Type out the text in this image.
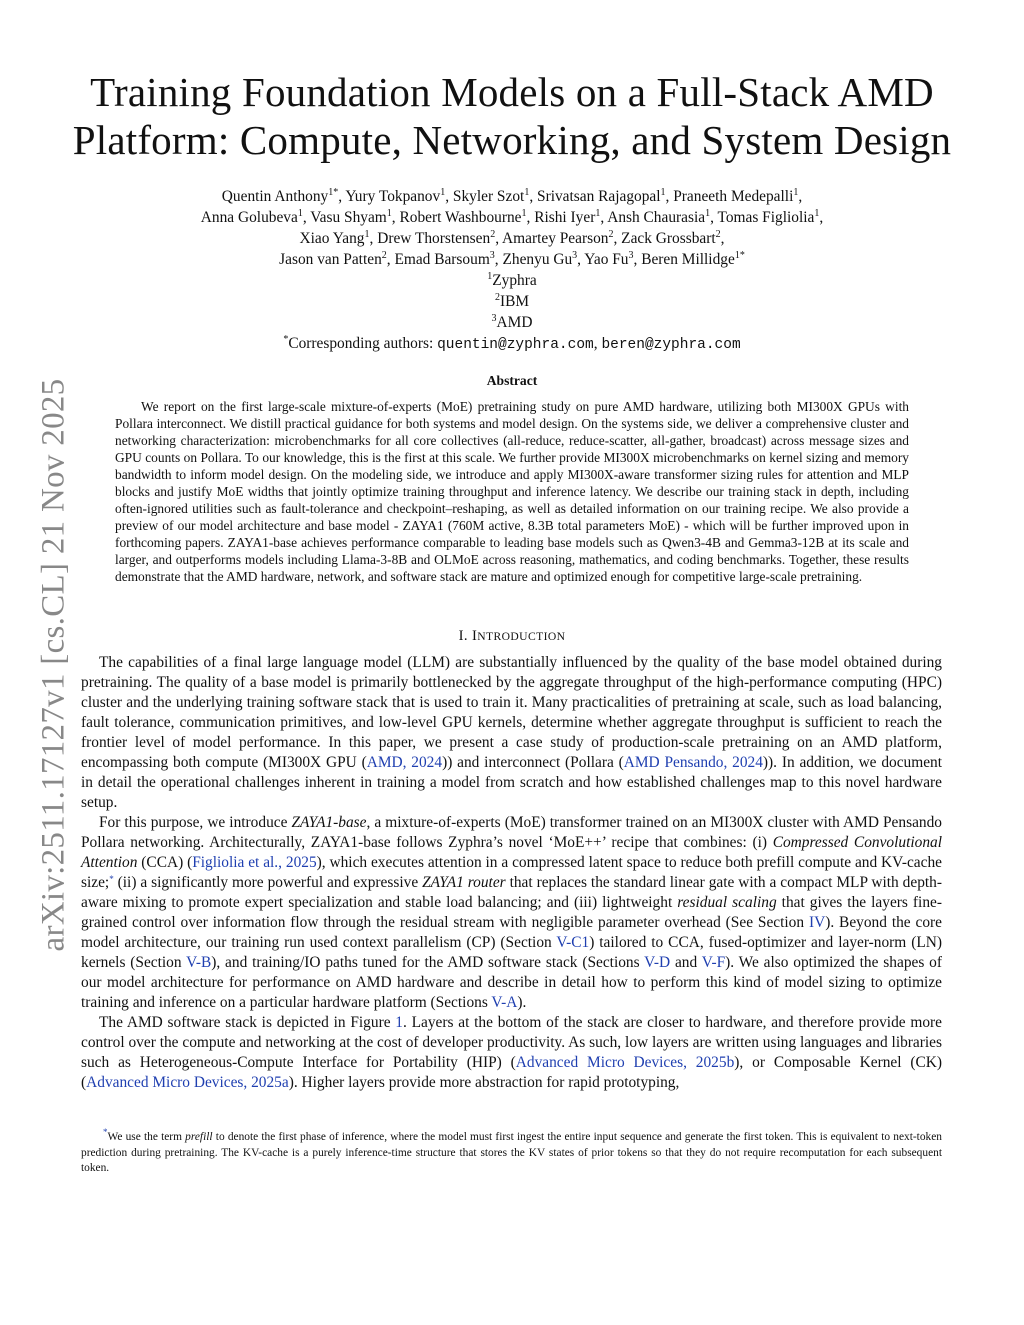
arXiv:2511.17127v1 [cs.CL] 21 Nov 2025
Training Foundation Models on a Full-Stack AMD
Platform: Compute, Networking, and System Design
Quentin Anthony$^{1*}$, Yury Tokpanov$^1$, Skyler Szot$^1$, Srivatsan Rajagopal$^1$, Praneeth Medepalli$^1$,
Anna Golubeva$^1$, Vasu Shyam$^1$, Robert Washbourne$^1$, Rishi Iyer$^1$, Ansh Chaurasia$^1$, Tomas Figliolia$^1$,
Xiao Yang$^1$, Drew Thorstensen$^2$, Amartey Pearson$^2$, Zack Grossbart$^2$,
Jason van Patten$^2$, Emad Barsoum$^3$, Zhenyu Gu$^3$, Yao Fu$^3$, Beren Millidge$^{1*}$
$^1$Zyphra
$^2$IBM
$^3$AMD
*Corresponding authors: quentin@zyphra.com, beren@zyphra.com
Abstract

We report on the first large-scale mixture-of-experts (MoE) pretraining study on pure AMD hardware, utilizing both MI300X GPUs with Pollara interconnect. We distill practical guidance for both systems and model design. On the systems side, we deliver a comprehensive cluster and networking characterization: microbenchmarks for all core collectives (all-reduce, reduce-scatter, all-gather, broadcast) across message sizes and GPU counts on Pollara. To our knowledge, this is the first at this scale. We further provide MI300X microbenchmarks on kernel sizing and memory bandwidth to inform model design. On the modeling side, we introduce and apply MI300X-aware transformer sizing rules for attention and MLP blocks and justify MoE widths that jointly optimize training throughput and inference latency. We describe our training stack in depth, including often-ignored utilities such as fault-tolerance and checkpoint–reshaping, as well as detailed information on our training recipe. We also provide a preview of our model architecture and base model - ZAYA1 (760M active, 8.3B total parameters MoE) - which will be further improved upon in forthcoming papers. ZAYA1-base achieves performance comparable to leading base models such as Qwen3-4B and Gemma3-12B at its scale and larger, and outperforms models including Llama-3-8B and OLMoE across reasoning, mathematics, and coding benchmarks. Together, these results demonstrate that the AMD hardware, network, and software stack are mature and optimized enough for competitive large-scale pretraining.

I. INTRODUCTION

The capabilities of a final large language model (LLM) are substantially influenced by the quality of the base model obtained during pretraining. The quality of a base model is primarily bottlenecked by the aggregate throughput of the high-performance computing (HPC) cluster and the underlying training software stack that is used to train it. Many practicalities of pretraining at scale, such as load balancing, fault tolerance, communication primitives, and low-level GPU kernels, determine whether aggregate throughput is sufficient to reach the frontier level of model performance. In this paper, we present a case study of production-scale pretraining on an AMD platform, encompassing both compute (MI300X GPU (AMD, 2024)) and interconnect (Pollara (AMD Pensando, 2024)). In addition, we document in detail the operational challenges inherent in training a model from scratch and how established challenges map to this novel hardware setup.

For this purpose, we introduce ZAYA1-base, a mixture-of-experts (MoE) transformer trained on an MI300X cluster with AMD Pensando Pollara networking. Architecturally, ZAYA1-base follows Zyphra’s novel ‘MoE++’ recipe that combines: (i) Compressed Convolutional Attention (CCA) (Figliolia et al., 2025), which executes attention in a compressed latent space to reduce both prefill compute and KV-cache size;* (ii) a significantly more powerful and expressive ZAYA1 router that replaces the standard linear gate with a compact MLP with depth-aware mixing to promote expert specialization and stable load balancing; and (iii) lightweight residual scaling that gives the layers fine-grained control over information flow through the residual stream with negligible parameter overhead (See Section IV). Beyond the core model architecture, our training run used context parallelism (CP) (Section V-C1) tailored to CCA, fused-optimizer and layer-norm (LN) kernels (Section V-B), and training/IO paths tuned for the AMD software stack (Sections V-D and V-F). We also optimized the shapes of our model architecture for performance on AMD hardware and describe in detail how to perform this kind of model sizing to optimize training and inference on a particular hardware platform (Sections V-A).

The AMD software stack is depicted in Figure 1. Layers at the bottom of the stack are closer to hardware, and therefore provide more control over the compute and networking at the cost of developer productivity. As such, low layers are written using languages and libraries such as Heterogeneous-Compute Interface for Portability (HIP) (Advanced Micro Devices, 2025b), or Composable Kernel (CK) (Advanced Micro Devices, 2025a). Higher layers provide more abstraction for rapid prototyping,

*We use the term prefill to denote the first phase of inference, where the model must first ingest the entire input sequence and generate the first token. This is equivalent to next-token prediction during pretraining. The KV-cache is a purely inference-time structure that stores the KV states of prior tokens so that they do not require recomputation for each subsequent token.
